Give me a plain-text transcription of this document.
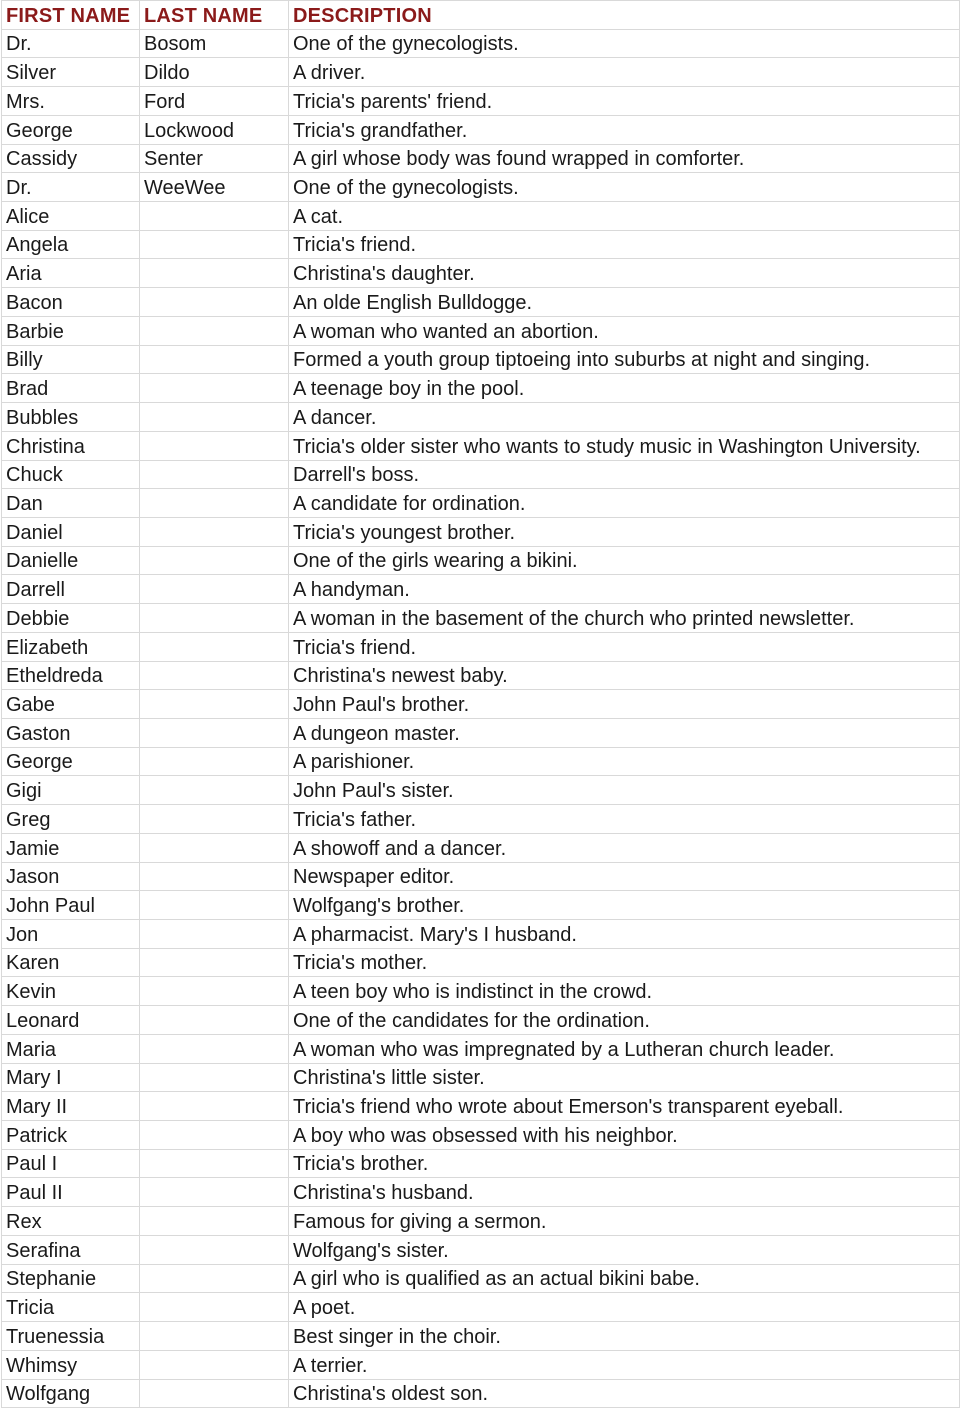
FIRST NAME	LAST NAME	DESCRIPTION
Dr.	Bosom	One of the gynecologists.
Silver	Dildo	A driver.
Mrs.	Ford	Tricia's parents' friend.
George	Lockwood	Tricia's grandfather.
Cassidy	Senter	A girl whose body was found wrapped in comforter.
Dr.	WeeWee	One of the gynecologists.
Alice		A cat.
Angela		Tricia's friend.
Aria		Christina's daughter.
Bacon		An olde English Bulldogge.
Barbie		A woman who wanted an abortion.
Billy		Formed a youth group tiptoeing into suburbs at night and singing.
Brad		A teenage boy in the pool.
Bubbles		A dancer.
Christina		Tricia's older sister who wants to study music in Washington University.
Chuck		Darrell's boss.
Dan		A candidate for ordination.
Daniel		Tricia's youngest brother.
Danielle		One of the girls wearing a bikini.
Darrell		A handyman.
Debbie		A woman in the basement of the church who printed newsletter.
Elizabeth		Tricia's friend.
Etheldreda		Christina's newest baby.
Gabe		John Paul's brother.
Gaston		A dungeon master.
George		A parishioner.
Gigi		John Paul's sister.
Greg		Tricia's father.
Jamie		A showoff and a dancer.
Jason		Newspaper editor.
John Paul		Wolfgang's brother.
Jon		A pharmacist. Mary's I husband.
Karen		Tricia's mother.
Kevin		A teen boy who is indistinct in the crowd.
Leonard		One of the candidates for the ordination.
Maria		A woman who was impregnated by a Lutheran church leader.
Mary I		Christina's little sister.
Mary II		Tricia's friend who wrote about Emerson's transparent eyeball.
Patrick		A boy who was obsessed with his neighbor.
Paul I		Tricia's brother.
Paul II		Christina's husband.
Rex		Famous for giving a sermon.
Serafina		Wolfgang's sister.
Stephanie		A girl who is qualified as an actual bikini babe.
Tricia		A poet.
Truenessia		Best singer in the choir.
Whimsy		A terrier.
Wolfgang		Christina's oldest son.
